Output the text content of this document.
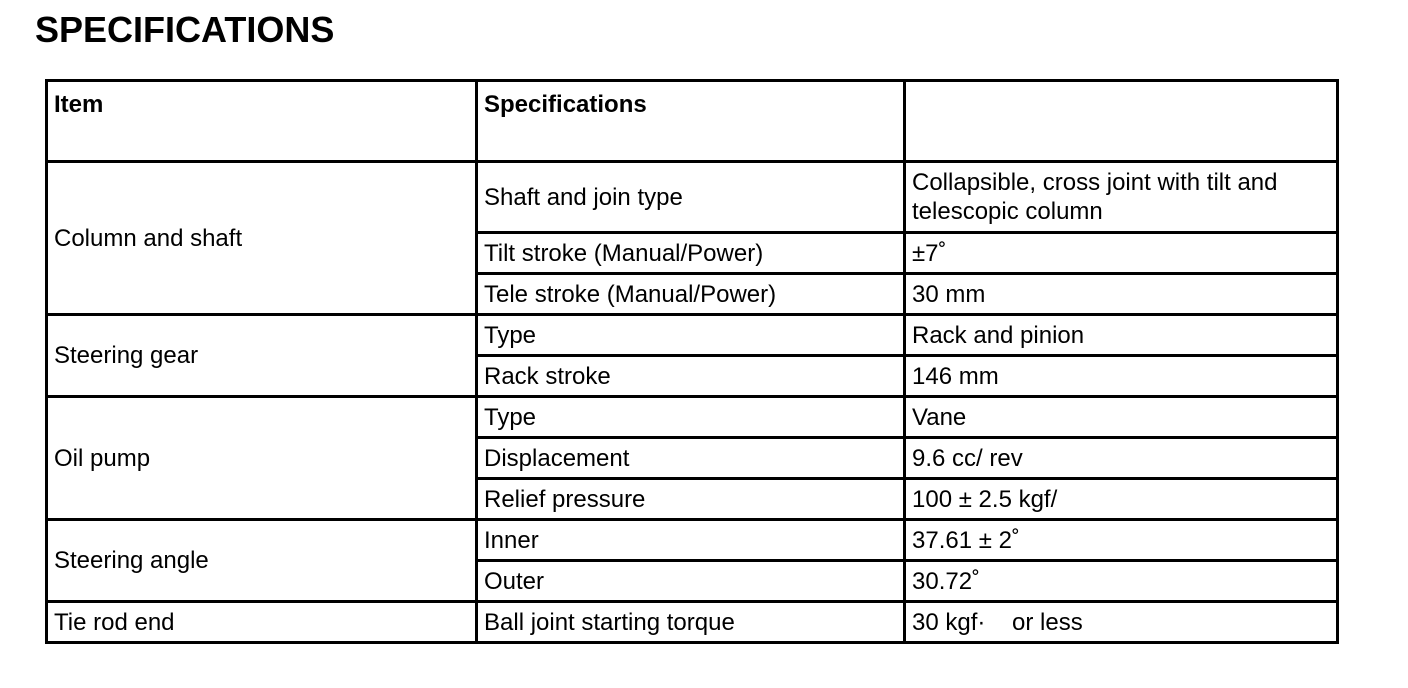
SPECIFICATIONS
Item	Specifications	
Column and shaft	Shaft and join type	Collapsible, cross joint with tilt and telescopic column
	Tilt stroke (Manual/Power)	±7˚
	Tele stroke (Manual/Power)	30 mm
Steering gear	Type	Rack and pinion
	Rack stroke	146 mm
Oil pump	Type	Vane
	Displacement	9.6 cc/ rev
	Relief pressure	100 ± 2.5 kgf/
Steering angle	Inner	37.61 ± 2˚
	Outer	30.72˚
Tie rod end	Ball joint starting torque	30 kgf·    or less
